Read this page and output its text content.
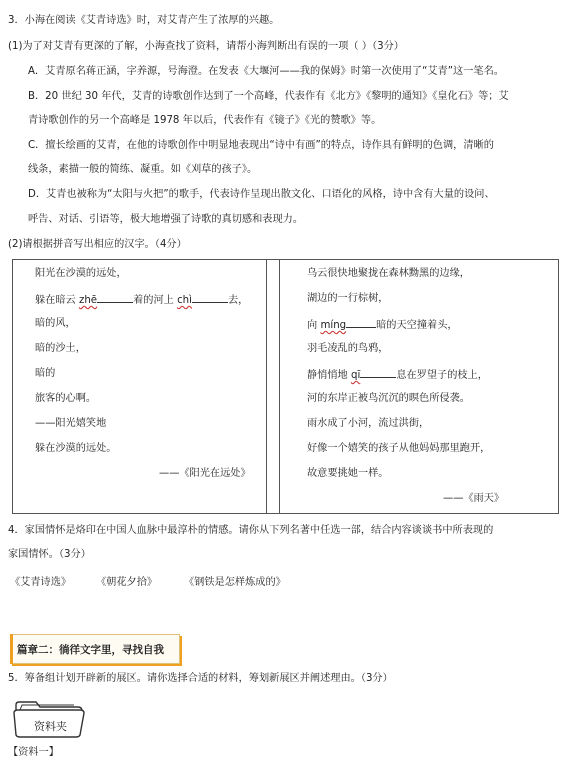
3．小海在阅读《艾青诗选》时，对艾青产生了浓厚的兴趣。
(1)为了对艾青有更深的了解，小海查找了资料，请帮小海判断出有误的一项（ ）（3分）
A．艾青原名蒋正涵，字养源，号海澄。在发表《大堰河——我的保姆》时第一次使用了“艾青”这一笔名。
B．20 世纪 30 年代，艾青的诗歌创作达到了一个高峰，代表作有《北方》《黎明的通知》《皇化石》等；艾
青诗歌创作的另一个高峰是 1978 年以后，代表作有《镜子》《光的赞歌》等。
C．擅长绘画的艾青，在他的诗歌创作中明显地表现出“诗中有画”的特点，诗作具有鲜明的色调，清晰的
线条，素描一般的简练、凝重。如《刈草的孩子》。
D．艾青也被称为“太阳与火把”的歌手，代表诗作呈现出散文化、口语化的风格，诗中含有大量的设问、
呼告、对话、引语等，极大地增强了诗歌的真切感和表现力。
(2)请根据拼音写出相应的汉字。（4分）
阳光在沙漠的远处，
躲在暗云 zhē	着的河上 chì	去，
暗的风，
暗的沙土，
暗的
旅客的心啊。
——阳光嬉笑地
躲在沙漠的远处。
——《阳光在远处》
乌云很快地聚拢在森林黝黑的边缘，
湖边的一行棕树，
向 míng	暗的天空撞着头，
羽毛凌乱的鸟鸦，
静悄悄地 qī	息在罗望子的枝上，
河的东岸正被鸟沉沉的暝色所侵袭。
雨水成了小河，流过洪街，
好像一个嬉笑的孩子从他妈妈那里跑开，
故意要挑她一样。
——《雨天》
4．家国情怀是烙印在中国人血脉中最淳朴的情感。请你从下列名著中任选一部，结合内容谈谈书中所表现的
家国情怀。（3分）
《艾青诗选》 《朝花夕拾》	《钢铁是怎样炼成的》
篇章二：徜徉文字里，寻找自我
5．筹备组计划开辟新的展区。请你选择合适的材料，筹划新展区并阐述理由。（3分）
资料夹
【资料一】
